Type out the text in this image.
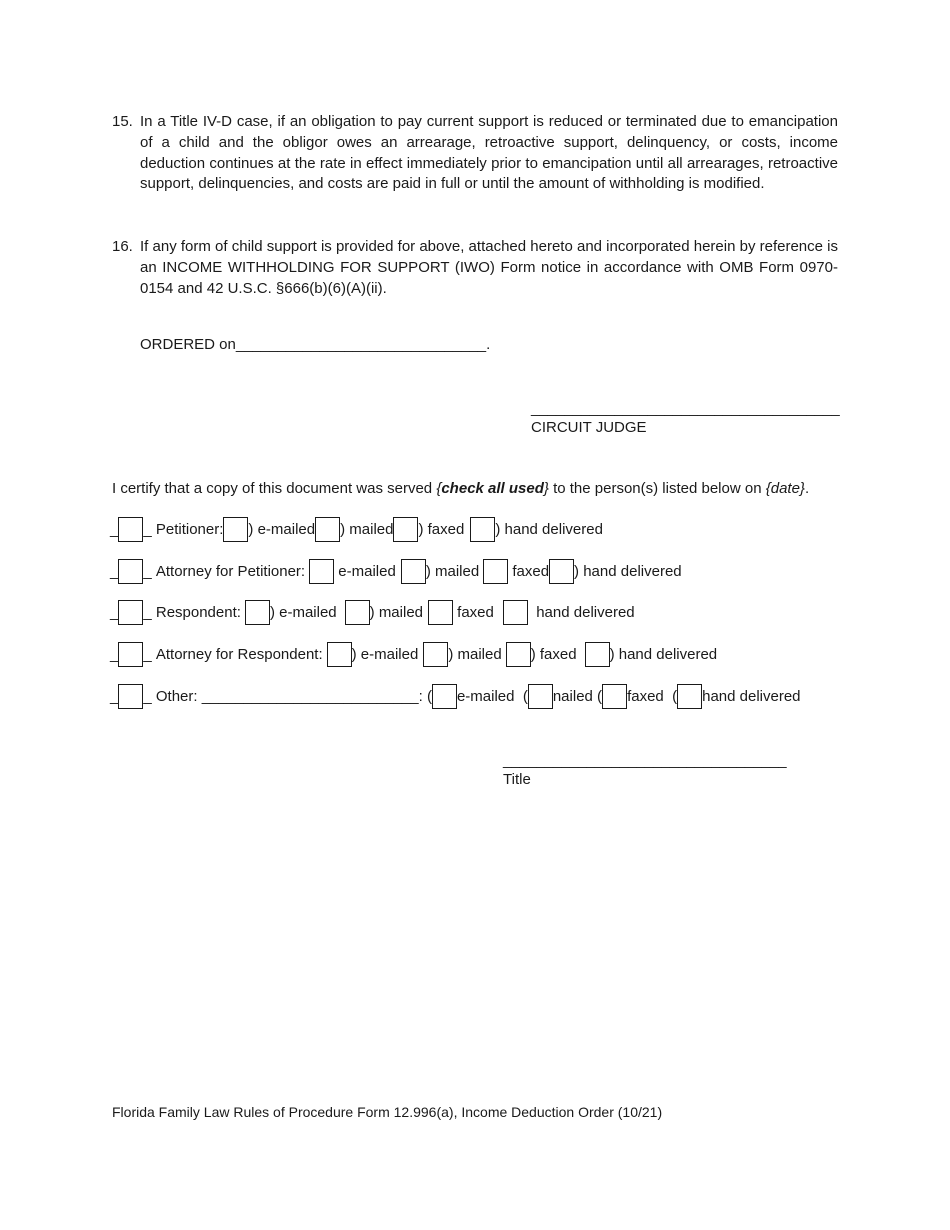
15. In a Title IV-D case, if an obligation to pay current support is reduced or terminated due to emancipation of a child and the obligor owes an arrearage, retroactive support, delinquency, or costs, income deduction continues at the rate in effect immediately prior to emancipation until all arrearages, retroactive support, delinquencies, and costs are paid in full or until the amount of withholding is modified.
16. If any form of child support is provided for above, attached hereto and incorporated herein by reference is an INCOME WITHHOLDING FOR SUPPORT (IWO) Form notice in accordance with OMB Form 0970-0154 and 42 U.S.C. §666(b)(6)(A)(ii).
ORDERED on______________________________.
_____________________________________
CIRCUIT JUDGE
I certify that a copy of this document was served {check all used} to the person(s) listed below on {date}.
_ _ Petitioner: ) e-mailed ) mailed ) faxed ) hand delivered
_ _ Attorney for Petitioner:
e-mailed ) mailed
faxed ) hand delivered
_ _ Respondent: ) e-mailed ) mailed
faxed
	hand delivered
_ _ Attorney for Respondent: ) e-mailed ) mailed ) faxed ) hand delivered
_ _ Other:
__________________________: ( e-mailed ( nailed ( faxed ( hand delivered
__________________________________
Title
Florida Family Law Rules of Procedure Form 12.996(a), Income Deduction Order (10/21)
